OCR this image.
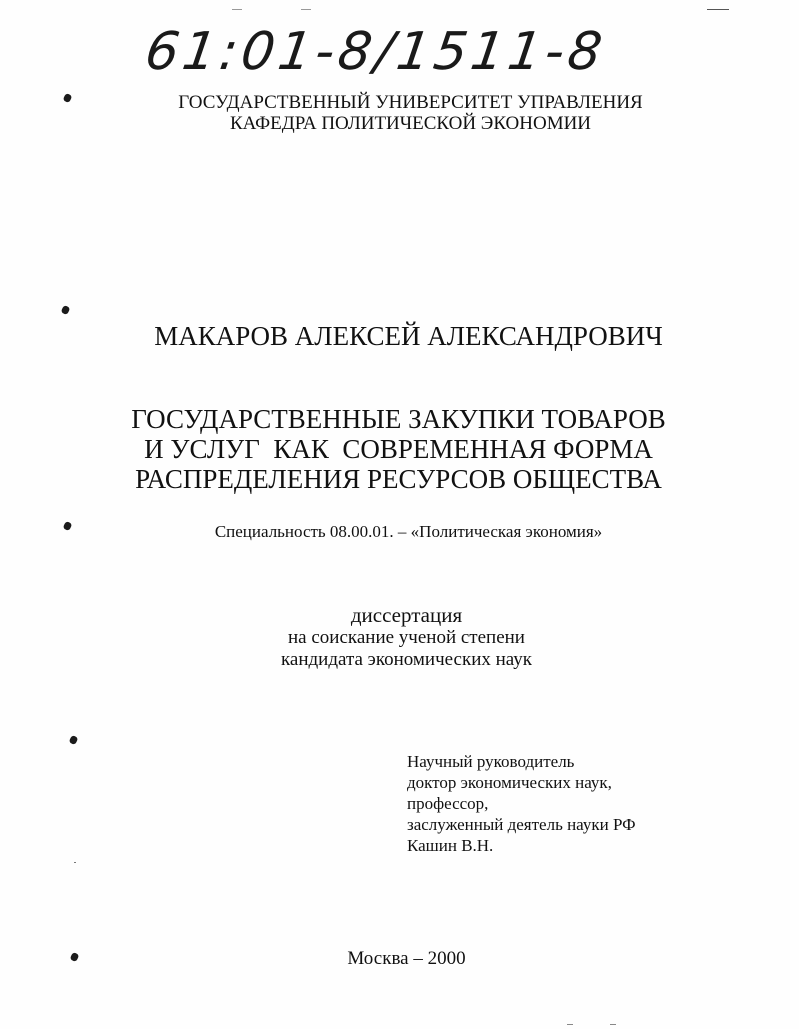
61:01-8/1511-8
ГОСУДАРСТВЕННЫЙ УНИВЕРСИТЕТ УПРАВЛЕНИЯ
КАФЕДРА ПОЛИТИЧЕСКОЙ ЭКОНОМИИ
МАКАРОВ АЛЕКСЕЙ АЛЕКСАНДРОВИЧ
ГОСУДАРСТВЕННЫЕ ЗАКУПКИ ТОВАРОВ
И УСЛУГ  КАК  СОВРЕМЕННАЯ ФОРМА
РАСПРЕДЕЛЕНИЯ РЕСУРСОВ ОБЩЕСТВА
Специальность 08.00.01. – «Политическая экономия»
диссертация
на соискание ученой степени
кандидата экономических наук
Научный руководитель
доктор экономических наук,
профессор,
заслуженный деятель науки РФ
Кашин В.Н.
Москва – 2000
